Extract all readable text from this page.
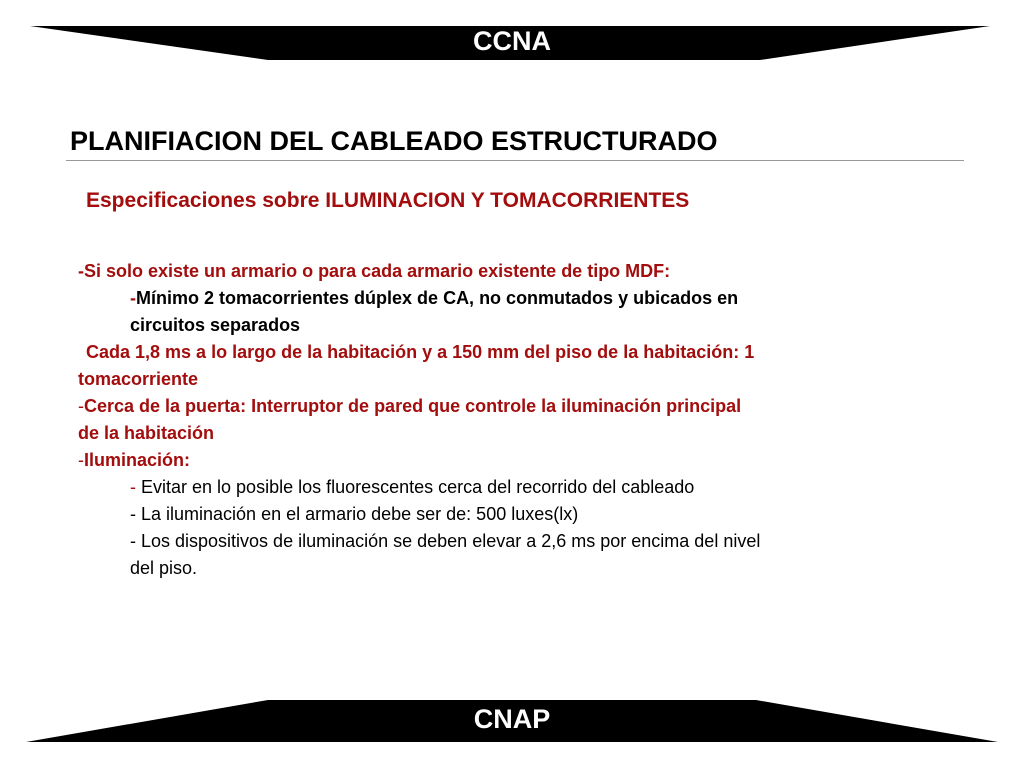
CCNA
PLANIFIACION DEL CABLEADO ESTRUCTURADO
Especificaciones sobre ILUMINACION Y TOMACORRIENTES
-Si solo existe un armario o para cada armario existente de tipo MDF:
-Mínimo 2 tomacorrientes dúplex de CA, no conmutados y ubicados en
circuitos separados
Cada 1,8 ms a lo largo de la habitación y a 150 mm del piso de la habitación: 1
tomacorriente
-Cerca de la puerta: Interruptor de pared que controle la iluminación principal
de la habitación
-Iluminación:
- Evitar en lo posible los fluorescentes cerca del recorrido del cableado
- La iluminación en el armario debe ser de: 500 luxes(lx)
- Los dispositivos de iluminación se deben elevar a 2,6 ms por encima del nivel
del piso.
CNAP
